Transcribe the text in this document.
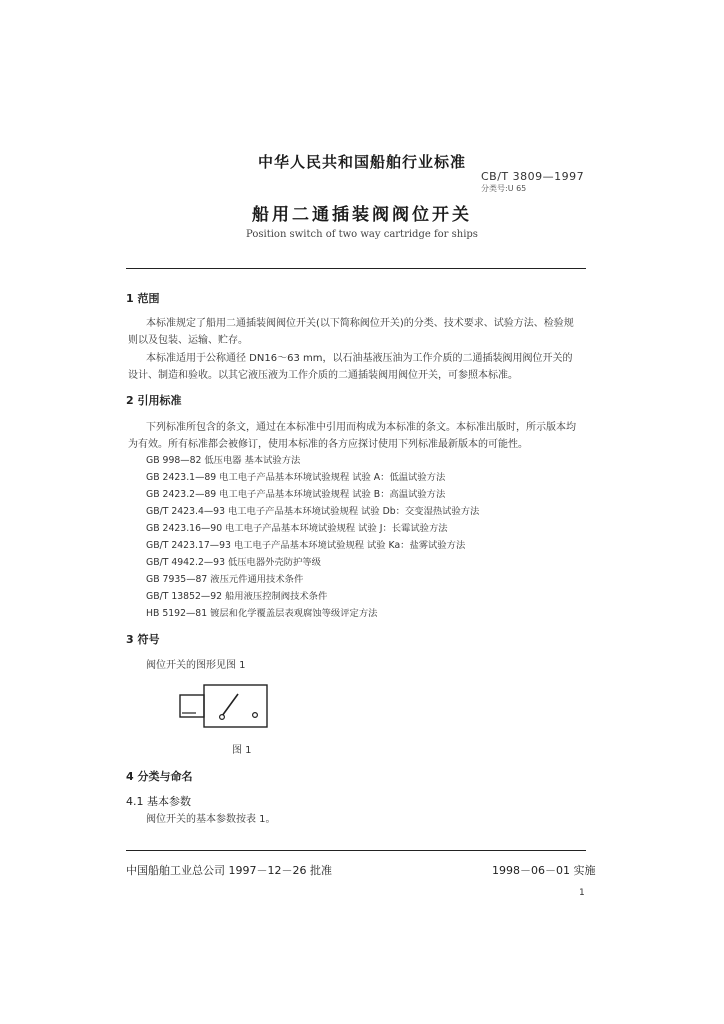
中华人民共和国船舶行业标准
CB/T 3809—1997
分类号:U 65
船用二通插装阀阀位开关
Position switch of two way cartridge for ships
1 范围
本标准规定了船用二通插装阀阀位开关(以下简称阀位开关)的分类、技术要求、试验方法、检验规
则以及包装、运输、贮存。
本标准适用于公称通径 DN16～63 mm，以石油基液压油为工作介质的二通插装阀用阀位开关的
设计、制造和验收。以其它液压液为工作介质的二通插装阀用阀位开关，可参照本标准。
2 引用标准
下列标准所包含的条文，通过在本标准中引用而构成为本标准的条文。本标准出版时，所示版本均
为有效。所有标准都会被修订，使用本标准的各方应探讨使用下列标准最新版本的可能性。
GB 998—82 低压电器 基本试验方法
GB 2423.1—89 电工电子产品基本环境试验规程 试验 A：低温试验方法
GB 2423.2—89 电工电子产品基本环境试验规程 试验 B：高温试验方法
GB/T 2423.4—93 电工电子产品基本环境试验规程 试验 Db：交变湿热试验方法
GB 2423.16—90 电工电子产品基本环境试验规程 试验 J：长霉试验方法
GB/T 2423.17—93 电工电子产品基本环境试验规程 试验 Ka：盐雾试验方法
GB/T 4942.2—93 低压电器外壳防护等级
GB 7935—87 液压元件通用技术条件
GB/T 13852—92 船用液压控制阀技术条件
HB 5192—81 镀层和化学覆盖层表观腐蚀等级评定方法
3 符号
阀位开关的图形见图 1
图 1
4 分类与命名
4.1 基本参数
阀位开关的基本参数按表 1。
中国船舶工业总公司 1997－12－26 批准	1998－06－01 实施
1
